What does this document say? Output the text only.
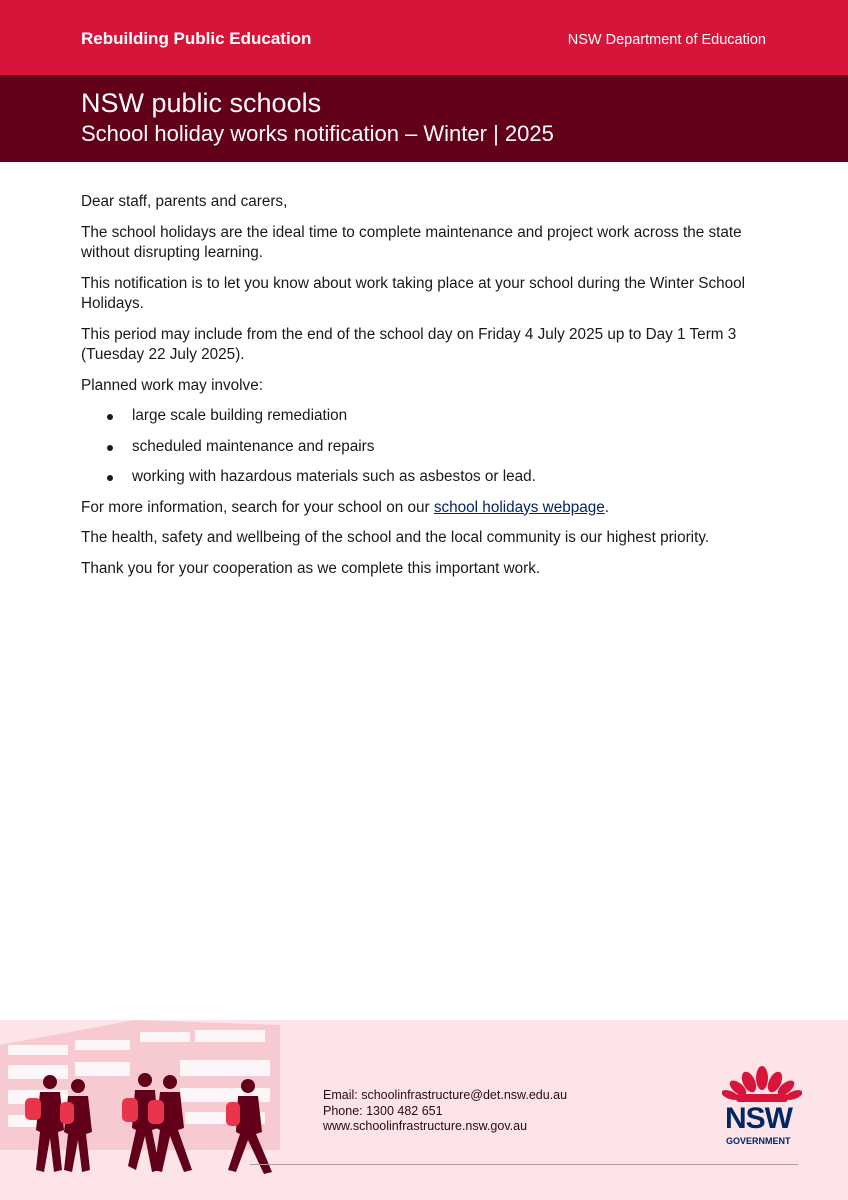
Rebuilding Public Education	NSW Department of Education
NSW public schools
School holiday works notification – Winter | 2025

Dear staff, parents and carers,

The school holidays are the ideal time to complete maintenance and project work across the state without disrupting learning.

This notification is to let you know about work taking place at your school during the Winter School Holidays.

This period may include from the end of the school day on Friday 4 July 2025 up to Day 1 Term 3 (Tuesday 22 July 2025).

Planned work may involve:

large scale building remediation
scheduled maintenance and repairs
working with hazardous materials such as asbestos or lead.

For more information, search for your school on our school holidays webpage.

The health, safety and wellbeing of the school and the local community is our highest priority.

Thank you for your cooperation as we complete this important work.

Email: schoolinfrastructure@det.nsw.edu.au
Phone: 1300 482 651
www.schoolinfrastructure.nsw.gov.au	NSW
GOVERNMENT
